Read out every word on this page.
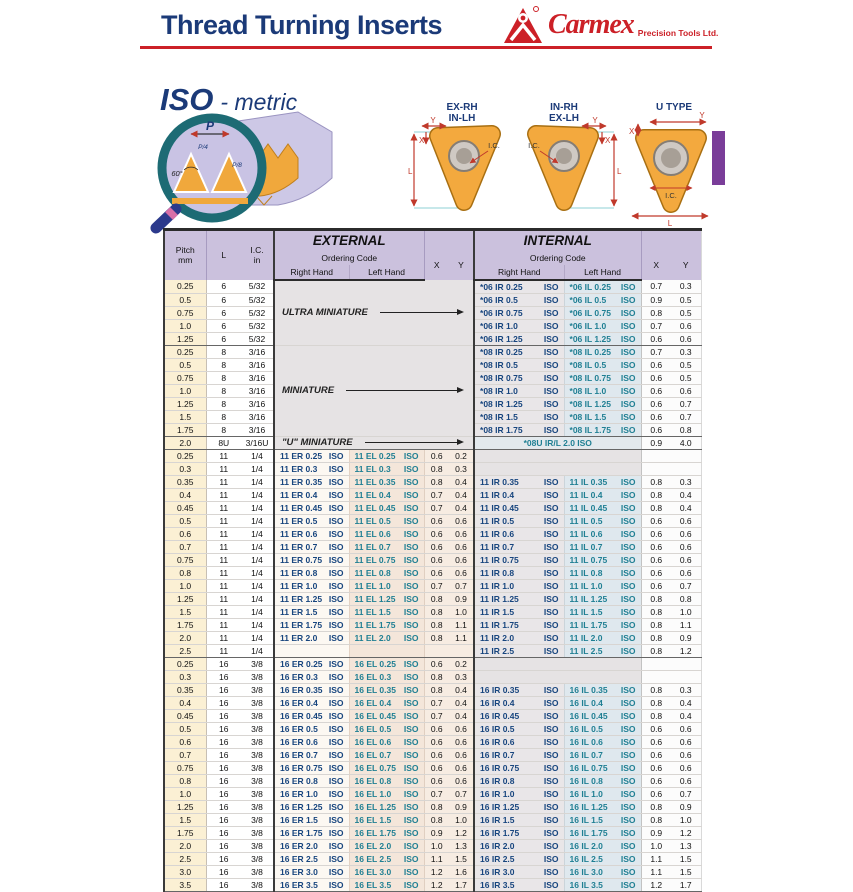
Thread Turning Inserts	Carmex Precision Tools Ltd.
ISO - metric
P
P/4
P/8
60°
EX-RH
IN-LH
L
Y
X
I.C.
IN-RH
EX-LH
L
Y
X
I.C.
U TYPE
Y
X
I.C.
L
Pitch
mm	L	I.C.
in
	EXTERNAL		INTERNAL	
			Ordering Code		X	Y	Ordering Code		X	Y
			Right Hand	Left Hand			Right Hand	Left Hand		
0.25	6	5/32	ULTRA MINIATURE				*06 IR 0.25 ISO	*06 IL 0.25 ISO	0.7	0.3
0.5	6	5/32					*06 IR 0.5 ISO	*06 IL 0.5 ISO	0.9	0.5
0.75	6	5/32					*06 IR 0.75 ISO	*06 IL 0.75 ISO	0.8	0.5
1.0	6	5/32					*06 IR 1.0 ISO	*06 IL 1.0 ISO	0.7	0.6
1.25	6	5/32					*06 IR 1.25 ISO	*06 IL 1.25 ISO	0.6	0.6
0.25	8	3/16	MINIATURE				*08 IR 0.25 ISO	*08 IL 0.25 ISO	0.7	0.3
0.5	8	3/16					*08 IR 0.5 ISO	*08 IL 0.5 ISO	0.6	0.5
0.75	8	3/16					*08 IR 0.75 ISO	*08 IL 0.75 ISO	0.6	0.5
1.0	8	3/16					*08 IR 1.0 ISO	*08 IL 1.0 ISO	0.6	0.6
1.25	8	3/16					*08 IR 1.25 ISO	*08 IL 1.25 ISO	0.6	0.7
1.5	8	3/16					*08 IR 1.5 ISO	*08 IL 1.5 ISO	0.6	0.7
1.75	8	3/16					*08 IR 1.75 ISO	*08 IL 1.75 ISO	0.6	0.8
2.0	8U	3/16U	"U" MINIATURE				*08U IR/L 2.0 ISO		0.9	4.0
0.25	11	1/4	11 ER 0.25 ISO	11 EL 0.25 ISO	0.6	0.2				
0.3	11	1/4	11 ER 0.3 ISO	11 EL 0.3 ISO	0.8	0.3				
0.35	11	1/4	11 ER 0.35 ISO	11 EL 0.35 ISO	0.8	0.4	11 IR 0.35 ISO	11 IL 0.35 ISO	0.8	0.3
0.4	11	1/4	11 ER 0.4 ISO	11 EL 0.4 ISO	0.7	0.4	11 IR 0.4 ISO	11 IL 0.4 ISO	0.8	0.4
0.45	11	1/4	11 ER 0.45 ISO	11 EL 0.45 ISO	0.7	0.4	11 IR 0.45 ISO	11 IL 0.45 ISO	0.8	0.4
0.5	11	1/4	11 ER 0.5 ISO	11 EL 0.5 ISO	0.6	0.6	11 IR 0.5 ISO	11 IL 0.5 ISO	0.6	0.6
0.6	11	1/4	11 ER 0.6 ISO	11 EL 0.6 ISO	0.6	0.6	11 IR 0.6 ISO	11 IL 0.6 ISO	0.6	0.6
0.7	11	1/4	11 ER 0.7 ISO	11 EL 0.7 ISO	0.6	0.6	11 IR 0.7 ISO	11 IL 0.7 ISO	0.6	0.6
0.75	11	1/4	11 ER 0.75 ISO	11 EL 0.75 ISO	0.6	0.6	11 IR 0.75 ISO	11 IL 0.75 ISO	0.6	0.6
0.8	11	1/4	11 ER 0.8 ISO	11 EL 0.8 ISO	0.6	0.6	11 IR 0.8 ISO	11 IL 0.8 ISO	0.6	0.6
1.0	11	1/4	11 ER 1.0 ISO	11 EL 1.0 ISO	0.7	0.7	11 IR 1.0 ISO	11 IL 1.0 ISO	0.6	0.7
1.25	11	1/4	11 ER 1.25 ISO	11 EL 1.25 ISO	0.8	0.9	11 IR 1.25 ISO	11 IL 1.25 ISO	0.8	0.8
1.5	11	1/4	11 ER 1.5 ISO	11 EL 1.5 ISO	0.8	1.0	11 IR 1.5 ISO	11 IL 1.5 ISO	0.8	1.0
1.75	11	1/4	11 ER 1.75 ISO	11 EL 1.75 ISO	0.8	1.1	11 IR 1.75 ISO	11 IL 1.75 ISO	0.8	1.1
2.0	11	1/4	11 ER 2.0 ISO	11 EL 2.0 ISO	0.8	1.1	11 IR 2.0 ISO	11 IL 2.0 ISO	0.8	0.9
2.5	11	1/4					11 IR 2.5 ISO	11 IL 2.5 ISO	0.8	1.2
0.25	16	3/8	16 ER 0.25 ISO	16 EL 0.25 ISO	0.6	0.2				
0.3	16	3/8	16 ER 0.3 ISO	16 EL 0.3 ISO	0.8	0.3				
0.35	16	3/8	16 ER 0.35 ISO	16 EL 0.35 ISO	0.8	0.4	16 IR 0.35 ISO	16 IL 0.35 ISO	0.8	0.3
0.4	16	3/8	16 ER 0.4 ISO	16 EL 0.4 ISO	0.7	0.4	16 IR 0.4 ISO	16 IL 0.4 ISO	0.8	0.4
0.45	16	3/8	16 ER 0.45 ISO	16 EL 0.45 ISO	0.7	0.4	16 IR 0.45 ISO	16 IL 0.45 ISO	0.8	0.4
0.5	16	3/8	16 ER 0.5 ISO	16 EL 0.5 ISO	0.6	0.6	16 IR 0.5 ISO	16 IL 0.5 ISO	0.6	0.6
0.6	16	3/8	16 ER 0.6 ISO	16 EL 0.6 ISO	0.6	0.6	16 IR 0.6 ISO	16 IL 0.6 ISO	0.6	0.6
0.7	16	3/8	16 ER 0.7 ISO	16 EL 0.7 ISO	0.6	0.6	16 IR 0.7 ISO	16 IL 0.7 ISO	0.6	0.6
0.75	16	3/8	16 ER 0.75 ISO	16 EL 0.75 ISO	0.6	0.6	16 IR 0.75 ISO	16 IL 0.75 ISO	0.6	0.6
0.8	16	3/8	16 ER 0.8 ISO	16 EL 0.8 ISO	0.6	0.6	16 IR 0.8 ISO	16 IL 0.8 ISO	0.6	0.6
1.0	16	3/8	16 ER 1.0 ISO	16 EL 1.0 ISO	0.7	0.7	16 IR 1.0 ISO	16 IL 1.0 ISO	0.6	0.7
1.25	16	3/8	16 ER 1.25 ISO	16 EL 1.25 ISO	0.8	0.9	16 IR 1.25 ISO	16 IL 1.25 ISO	0.8	0.9
1.5	16	3/8	16 ER 1.5 ISO	16 EL 1.5 ISO	0.8	1.0	16 IR 1.5 ISO	16 IL 1.5 ISO	0.8	1.0
1.75	16	3/8	16 ER 1.75 ISO	16 EL 1.75 ISO	0.9	1.2	16 IR 1.75 ISO	16 IL 1.75 ISO	0.9	1.2
2.0	16	3/8	16 ER 2.0 ISO	16 EL 2.0 ISO	1.0	1.3	16 IR 2.0 ISO	16 IL 2.0 ISO	1.0	1.3
2.5	16	3/8	16 ER 2.5 ISO	16 EL 2.5 ISO	1.1	1.5	16 IR 2.5 ISO	16 IL 2.5 ISO	1.1	1.5
3.0	16	3/8	16 ER 3.0 ISO	16 EL 3.0 ISO	1.2	1.6	16 IR 3.0 ISO	16 IL 3.0 ISO	1.1	1.5
3.5	16	3/8	16 ER 3.5 ISO	16 EL 3.5 ISO	1.2	1.7	16 IR 3.5 ISO	16 IL 3.5 ISO	1.2	1.7
